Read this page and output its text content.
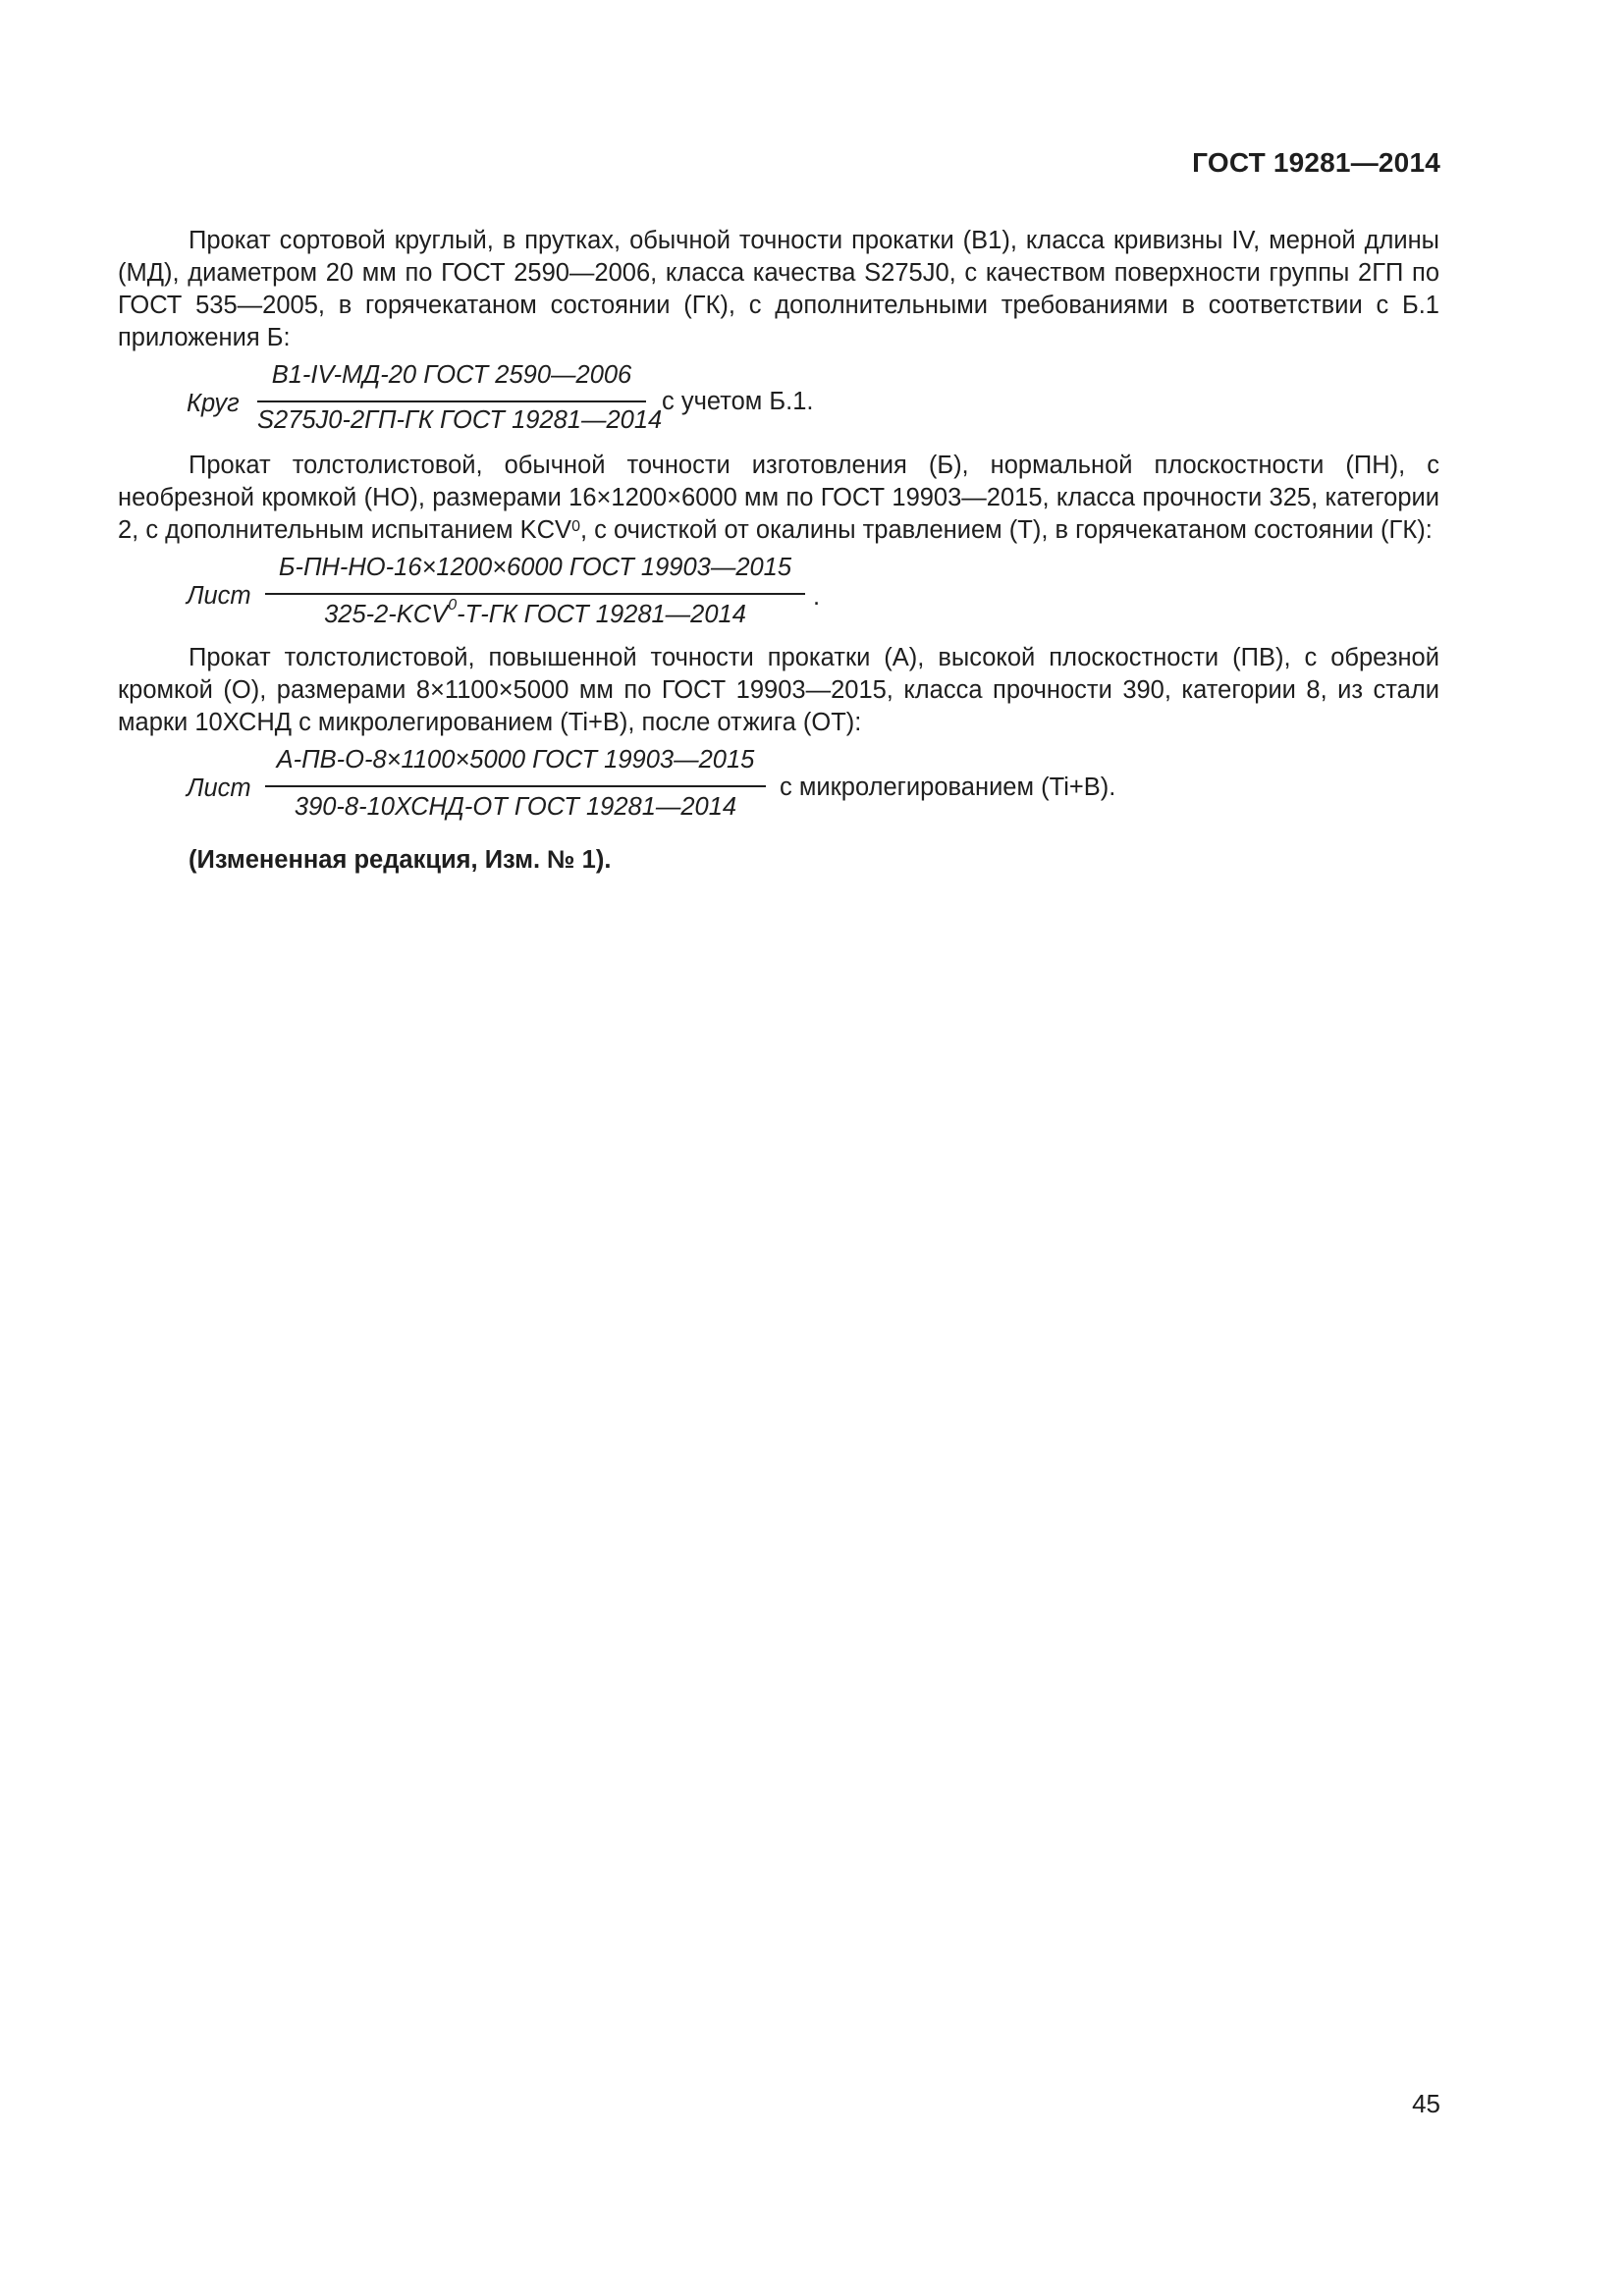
ГОСТ 19281—2014

Прокат сортовой круглый, в прутках, обычной точности прокатки (В1), класса кривизны IV, мерной длины (МД), диаметром 20 мм по ГОСТ 2590—2006, класса качества S275J0, с качеством поверхности группы 2ГП по ГОСТ 535—2005, в горячекатаном состоянии (ГК), с дополнительными требованиями в соответствии с Б.1 приложения Б:

Круг
В1-IV-МД-20 ГОСТ 2590—2006
S275J0-2ГП-ГК ГОСТ 19281—2014
с учетом Б.1.

Прокат толстолистовой, обычной точности изготовления (Б), нормальной плоскостности (ПН), с необрезной кромкой (НО), размерами 16×1200×6000 мм по ГОСТ 19903—2015, класса прочности 325, категории 2, с дополнительным испытанием KCV$^0$, с очисткой от окалины травлением (Т), в горячекатаном состоянии (ГК):

Лист
Б-ПН-НО-16×1200×6000 ГОСТ 19903—2015
325-2-KCV$^0$-Т-ГК ГОСТ 19281—2014
.

Прокат толстолистовой, повышенной точности прокатки (А), высокой плоскостности (ПВ), с обрезной кромкой (О), размерами 8×1100×5000 мм по ГОСТ 19903—2015, класса прочности 390, категории 8, из стали марки 10ХСНД с микролегированием (Ti+B), после отжига (ОТ):

Лист
А-ПВ-О-8×1100×5000 ГОСТ 19903—2015
390-8-10ХСНД-ОТ ГОСТ 19281—2014
с микролегированием (Ti+B).
(Измененная редакция, Изм. № 1).
45
